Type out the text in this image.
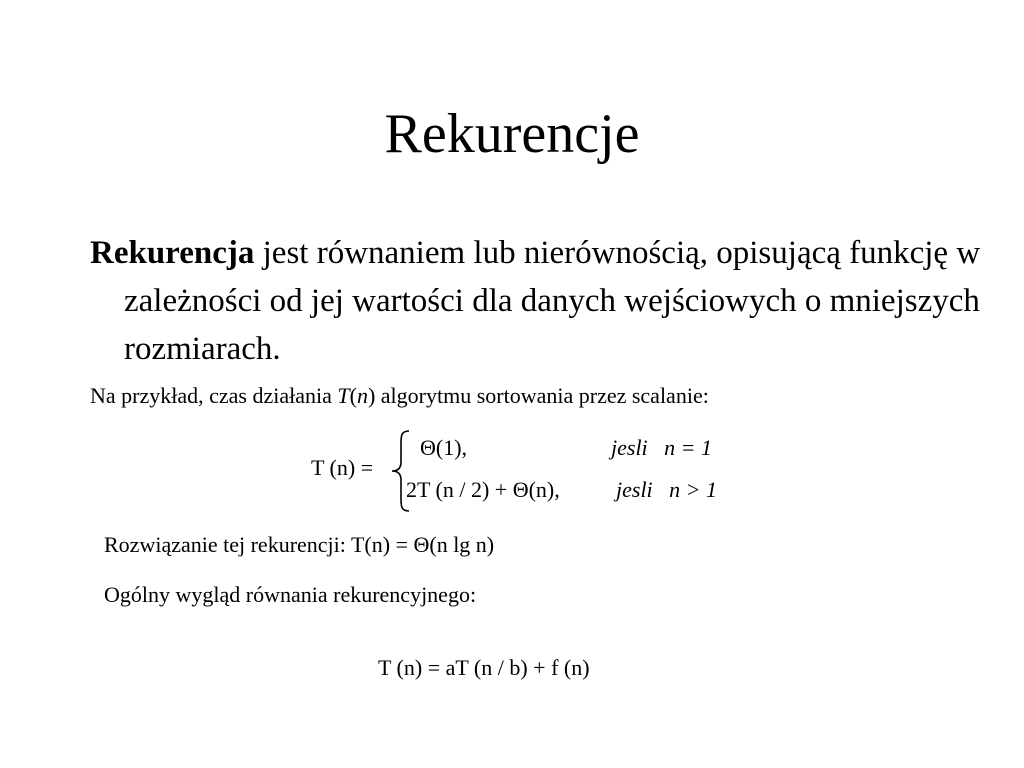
Rekurencje
Rekurencja jest równaniem lub nierównością, opisującą funkcję w zależności od jej wartości dla danych wejściowych o mniejszych rozmiarach.
Na przykład, czas działania T(n) algorytmu sortowania przez scalanie:
T (n) =
Θ(1),	jesli   n = 1
2T (n / 2) + Θ(n),	jesli   n > 1
Rozwiązanie tej rekurencji: T(n) = Θ(n lg n)
Ogólny wygląd równania rekurencyjnego:
T (n) = aT (n / b) + f (n)
